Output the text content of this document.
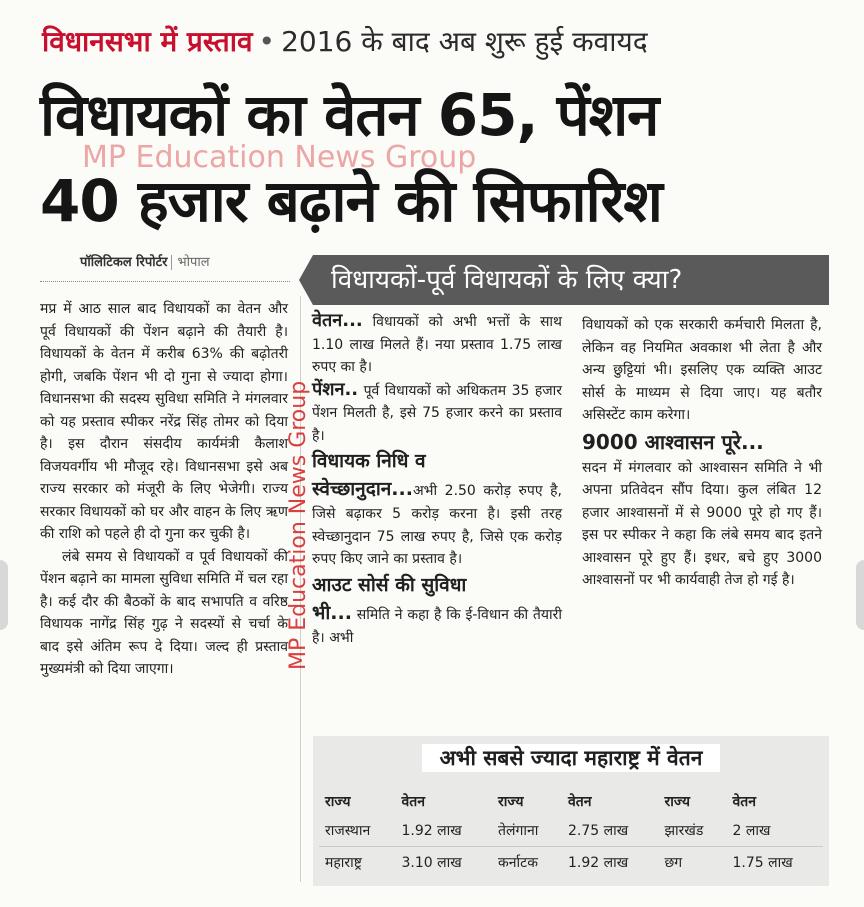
विधानसभा में प्रस्ताव • 2016 के बाद अब शुरू हुई कवायद
विधायकों का वेतन 65, पेंशन
40 हजार बढ़ाने की सिफारिश
MP Education News Group
पॉलिटिकल रिपोर्टर भोपाल
विधायकों-पूर्व विधायकों के लिए क्या?

मप्र में आठ साल बाद विधायकों का वेतन और पूर्व विधायकों की पेंशन बढ़ाने की तैयारी है। विधायकों के वेतन में करीब 63% की बढ़ोतरी होगी, जबकि पेंशन भी दो गुना से ज्यादा होगा। विधानसभा की सदस्य सुविधा समिति ने मंगलवार को यह प्रस्ताव स्पीकर नरेंद्र सिंह तोमर को दिया है। इस दौरान संसदीय कार्यमंत्री कैलाश विजयवर्गीय भी मौजूद रहे। विधानसभा इसे अब राज्य सरकार को मंजूरी के लिए भेजेगी। राज्य सरकार विधायकों को घर और वाहन के लिए ऋण की राशि को पहले ही दो गुना कर चुकी है।

लंबे समय से विधायकों व पूर्व विधायकों की पेंशन बढ़ाने का मामला सुविधा समिति में चल रहा है। कई दौर की बैठकों के बाद सभापति व वरिष्ठ विधायक नागेंद्र सिंह गुढ़ ने सदस्यों से चर्चा के बाद इसे अंतिम रूप दे दिया। जल्द ही प्रस्ताव मुख्यमंत्री को दिया जाएगा।

वेतन... विधायकों को अभी भत्तों के साथ 1.10 लाख मिलते हैं। नया प्रस्ताव 1.75 लाख रुपए का है।

पेंशन.. पूर्व विधायकों को अधिकतम 35 हजार पेंशन मिलती है, इसे 75 हजार करने का प्रस्ताव है।

विधायक निधि व

स्वेच्छानुदान...अभी 2.50 करोड़ रुपए है, जिसे बढ़ाकर 5 करोड़ करना है। इसी तरह स्वेच्छानुदान 75 लाख रुपए है, जिसे एक करोड़ रुपए किए जाने का प्रस्ताव है।

आउट सोर्स की सुविधा

भी... समिति ने कहा है कि ई-विधान की तैयारी है। अभी

विधायकों को एक सरकारी कर्मचारी मिलता है, लेकिन वह नियमित अवकाश भी लेता है और अन्य छुट्टियां भी। इसलिए एक व्यक्ति आउट सोर्स के माध्यम से दिया जाए। यह बतौर असिस्टेंट काम करेगा।

9000 आश्वासन पूरे...

सदन में मंगलवार को आश्वासन समिति ने भी अपना प्रतिवेदन सौंप दिया। कुल लंबित 12 हजार आश्वासनों में से 9000 पूरे हो गए हैं। इस पर स्पीकर ने कहा कि लंबे समय बाद इतने आश्वासन पूरे हुए हैं। इधर, बचे हुए 3000 आश्वासनों पर भी कार्यवाही तेज हो गई है।

MP Education News Group
अभी सबसे ज्यादा महाराष्ट्र में वेतन
राज्य	वेतन	राज्य	वेतन	राज्य	वेतन
राजस्थान	1.92 लाख	तेलंगाना	2.75 लाख	झारखंड	2 लाख
महाराष्ट्र	3.10 लाख	कर्नाटक	1.92 लाख	छग	1.75 लाख
